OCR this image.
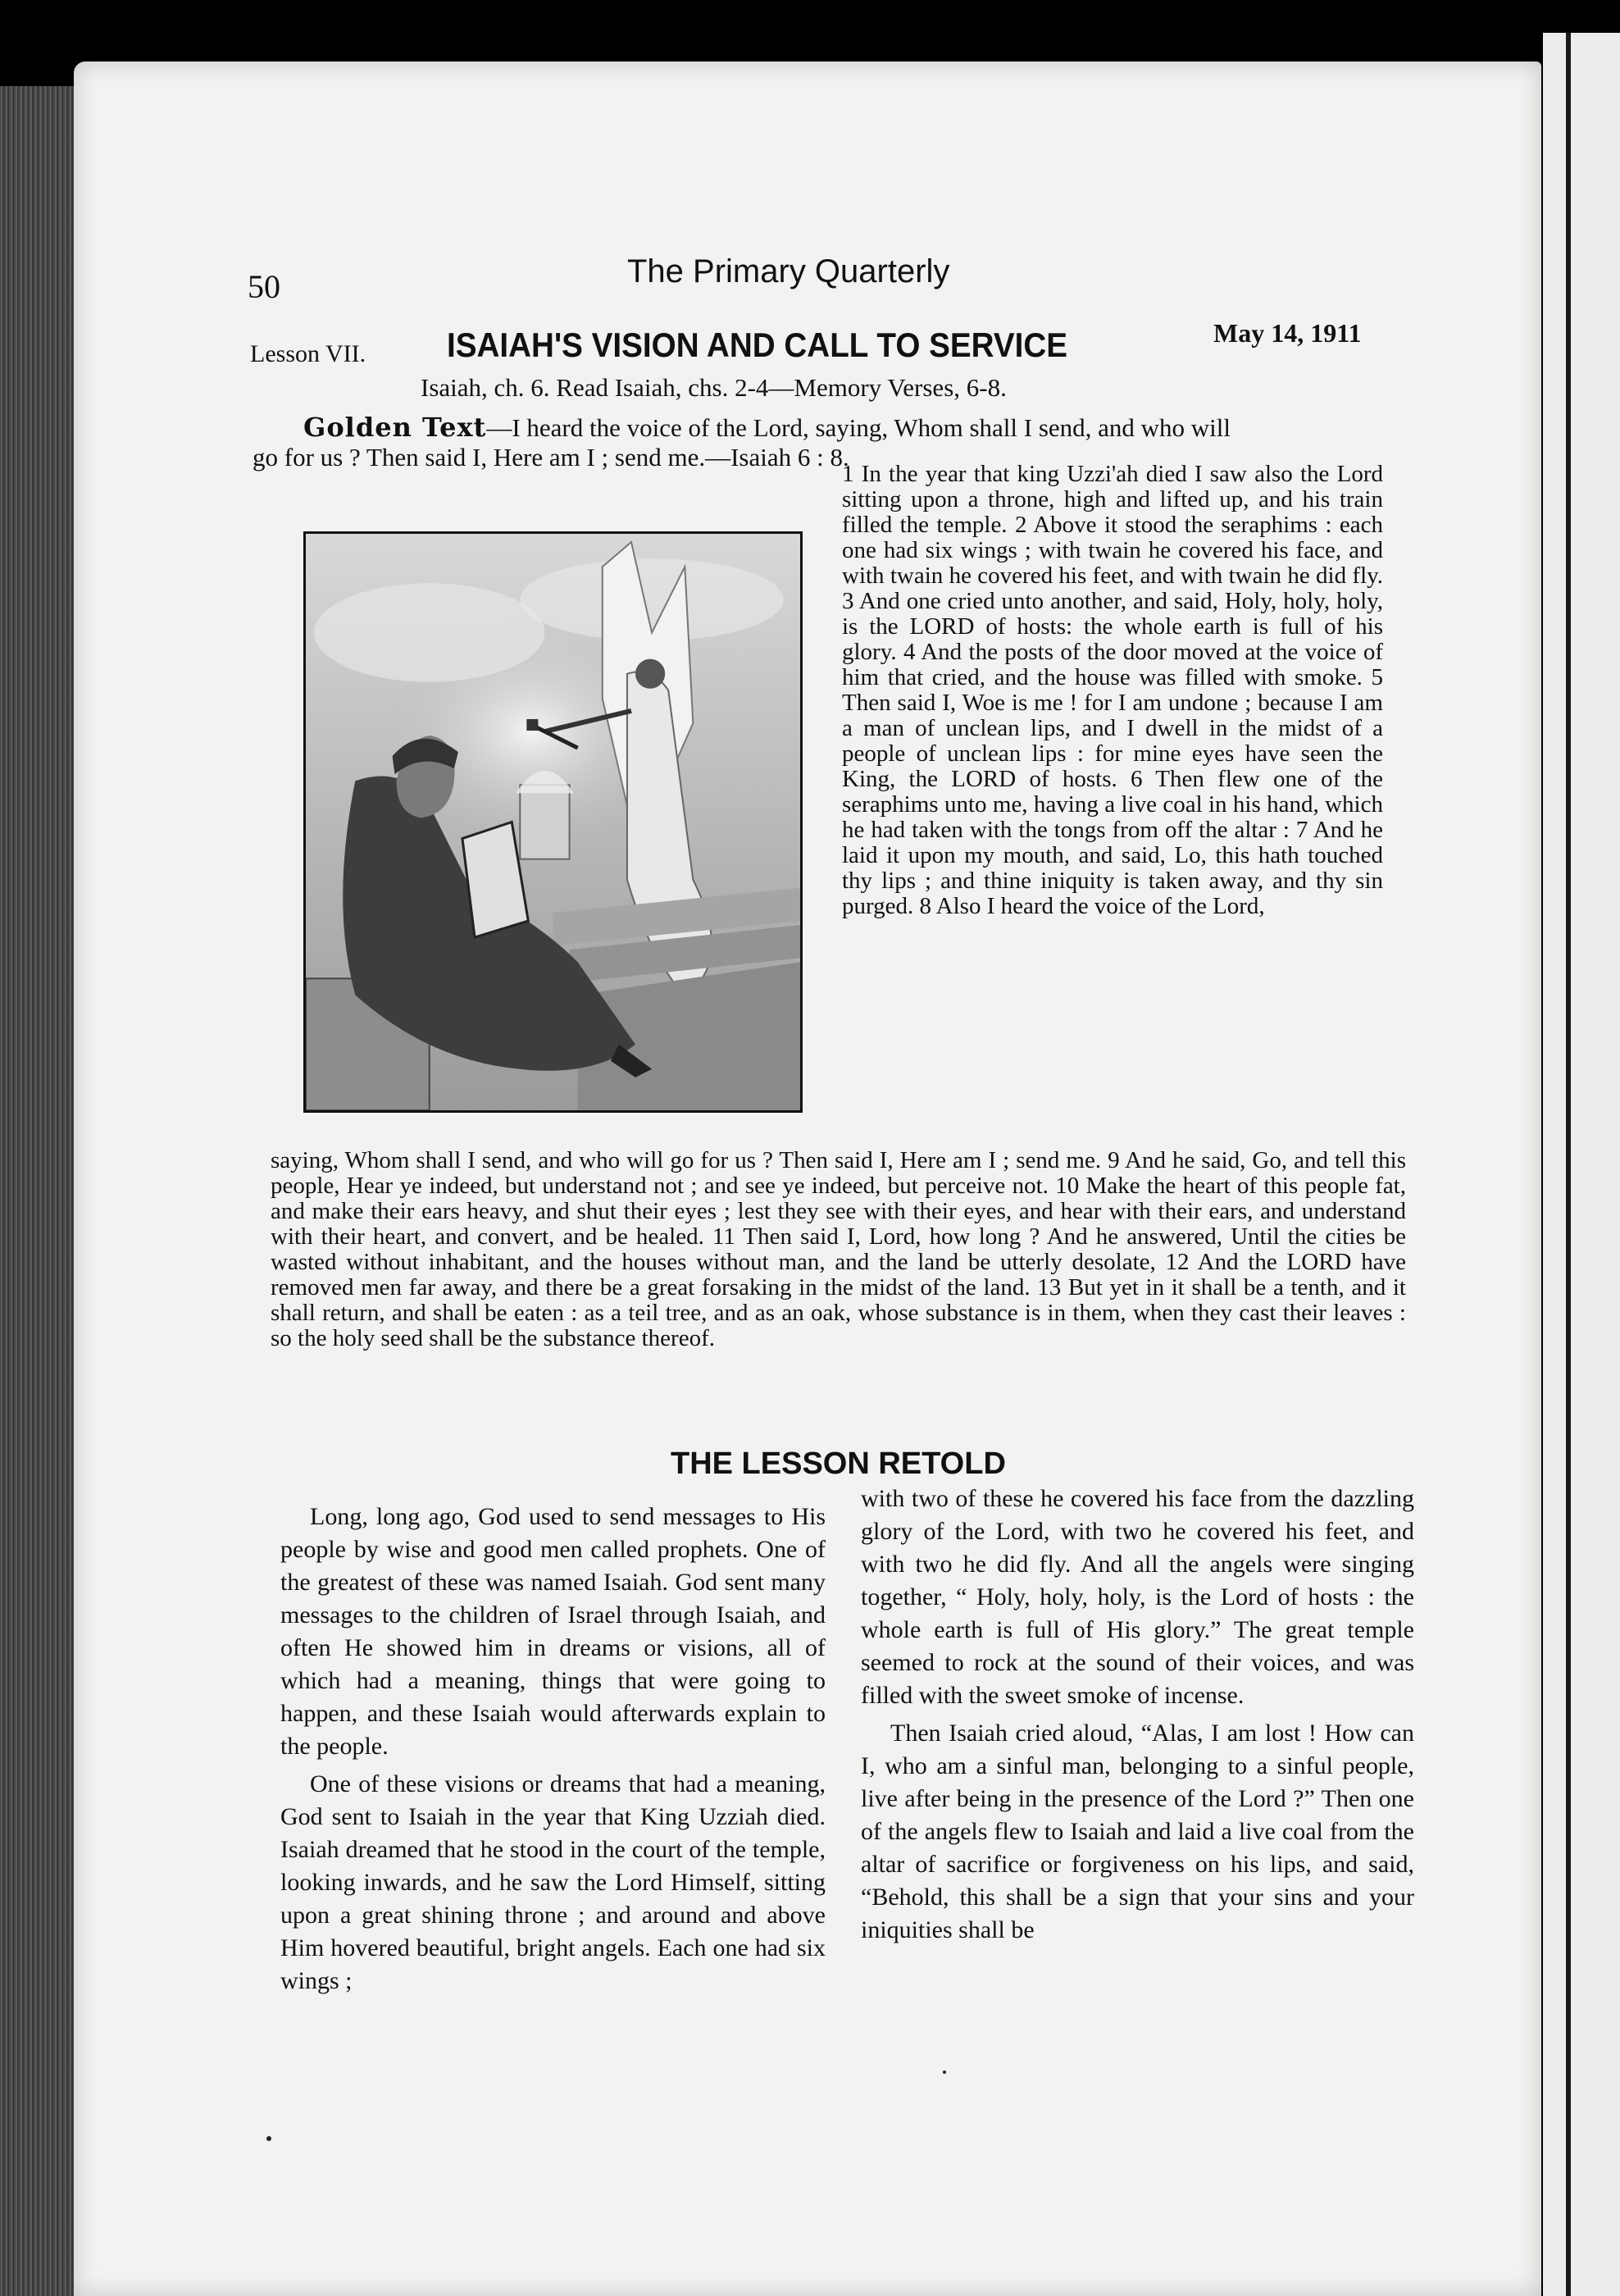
50	The Primary Quarterly
Lesson VII. ISAIAH'S VISION AND CALL TO SERVICE	May 14, 1911
Isaiah, ch. 6. Read Isaiah, chs. 2-4—Memory Verses, 6-8.
Golden Text—I heard the voice of the Lord, saying, Whom shall I send, and who will
go for us ? Then said I, Here am I ; send me.—Isaiah 6 : 8.
1 In the year that king Uzzi'ah died I saw also the Lord sitting upon a throne, high and lifted up, and his train filled the temple. 2 Above it stood the seraphims : each one had six wings ; with twain he covered his face, and with twain he covered his feet, and with twain he did fly. 3 And one cried unto another, and said, Holy, holy, holy, is the LORD of hosts: the whole earth is full of his glory. 4 And the posts of the door moved at the voice of him that cried, and the house was filled with smoke. 5 Then said I, Woe is me ! for I am undone ; because I am a man of unclean lips, and I dwell in the midst of a people of unclean lips : for mine eyes have seen the King, the LORD of hosts. 6 Then flew one of the seraphims unto me, having a live coal in his hand, which he had taken with the tongs from off the altar : 7 And he laid it upon my mouth, and said, Lo, this hath touched thy lips ; and thine iniquity is taken away, and thy sin purged. 8 Also I heard the voice of the Lord,
saying, Whom shall I send, and who will go for us ? Then said I, Here am I ; send me. 9 And he said, Go, and tell this people, Hear ye indeed, but understand not ; and see ye indeed, but perceive not. 10 Make the heart of this people fat, and make their ears heavy, and shut their eyes ; lest they see with their eyes, and hear with their ears, and understand with their heart, and convert, and be healed. 11 Then said I, Lord, how long ? And he answered, Until the cities be wasted without inhabitant, and the houses without man, and the land be utterly desolate, 12 And the LORD have removed men far away, and there be a great forsaking in the midst of the land. 13 But yet in it shall be a tenth, and it shall return, and shall be eaten : as a teil tree, and as an oak, whose substance is in them, when they cast their leaves : so the holy seed shall be the substance thereof.
THE LESSON RETOLD

Long, long ago, God used to send messages to His people by wise and good men called prophets. One of the greatest of these was named Isaiah. God sent many messages to the children of Israel through Isaiah, and often He showed him in dreams or visions, all of which had a meaning, things that were going to happen, and these Isaiah would afterwards explain to the people.

One of these visions or dreams that had a meaning, God sent to Isaiah in the year that King Uzziah died. Isaiah dreamed that he stood in the court of the temple, looking inwards, and he saw the Lord Himself, sitting upon a great shining throne ; and around and above Him hovered beautiful, bright angels. Each one had six wings ;

with two of these he covered his face from the dazzling glory of the Lord, with two he covered his feet, and with two he did fly. And all the angels were singing together, “ Holy, holy, holy, is the Lord of hosts : the whole earth is full of His glory.” The great temple seemed to rock at the sound of their voices, and was filled with the sweet smoke of incense.

Then Isaiah cried aloud, “Alas, I am lost ! How can I, who am a sinful man, belonging to a sinful people, live after being in the presence of the Lord ?” Then one of the angels flew to Isaiah and laid a live coal from the altar of sacrifice or forgiveness on his lips, and said, “Behold, this shall be a sign that your sins and your iniquities shall be
